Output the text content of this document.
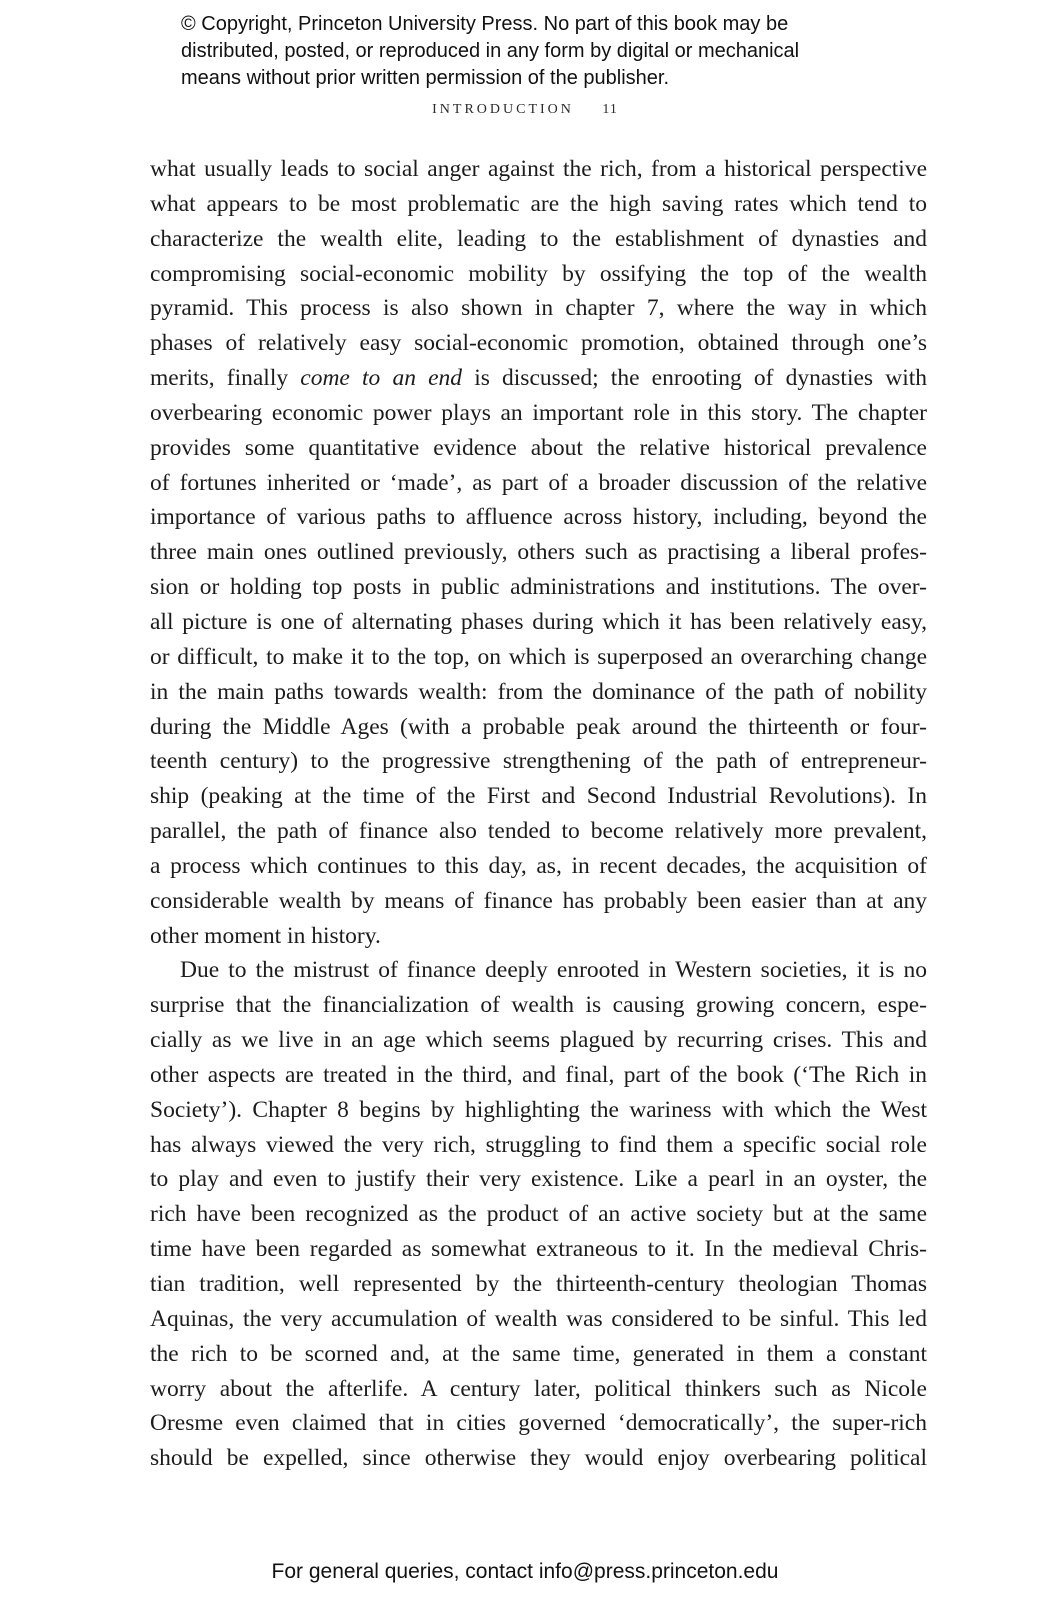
© Copyright, Princeton University Press. No part of this book may be
distributed, posted, or reproduced in any form by digital or mechanical
means without prior written permission of the publisher.
INTRODUCTION 11
what usually leads to social anger against the rich, from a historical perspective
what appears to be most problematic are the high saving rates which tend to
characterize the wealth elite, leading to the establishment of dynasties and
compromising social-economic mobility by ossifying the top of the wealth
pyramid. This process is also shown in chapter 7, where the way in which
phases of relatively easy social-economic promotion, obtained through one’s
merits, finally come to an end is discussed; the enrooting of dynasties with
overbearing economic power plays an important role in this story. The chapter
provides some quantitative evidence about the relative historical prevalence
of fortunes inherited or ‘made’, as part of a broader discussion of the relative
importance of various paths to affluence across history, including, beyond the
three main ones outlined previously, others such as practising a liberal profes-
sion or holding top posts in public administrations and institutions. The over-
all picture is one of alternating phases during which it has been relatively easy,
or difficult, to make it to the top, on which is superposed an overarching change
in the main paths towards wealth: from the dominance of the path of nobility
during the Middle Ages (with a probable peak around the thirteenth or four-
teenth century) to the progressive strengthening of the path of entrepreneur-
ship (peaking at the time of the First and Second Industrial Revolutions). In
parallel, the path of finance also tended to become relatively more prevalent,
a process which continues to this day, as, in recent decades, the acquisition of
considerable wealth by means of finance has probably been easier than at any
other moment in history.
Due to the mistrust of finance deeply enrooted in Western societies, it is no
surprise that the financialization of wealth is causing growing concern, espe-
cially as we live in an age which seems plagued by recurring crises. This and
other aspects are treated in the third, and final, part of the book (‘The Rich in
Society’). Chapter 8 begins by highlighting the wariness with which the West
has always viewed the very rich, struggling to find them a specific social role
to play and even to justify their very existence. Like a pearl in an oyster, the
rich have been recognized as the product of an active society but at the same
time have been regarded as somewhat extraneous to it. In the medieval Chris-
tian tradition, well represented by the thirteenth-century theologian Thomas
Aquinas, the very accumulation of wealth was considered to be sinful. This led
the rich to be scorned and, at the same time, generated in them a constant
worry about the afterlife. A century later, political thinkers such as Nicole
Oresme even claimed that in cities governed ‘democratically’, the super-rich
should be expelled, since otherwise they would enjoy overbearing political
For general queries, contact info@press.princeton.edu
